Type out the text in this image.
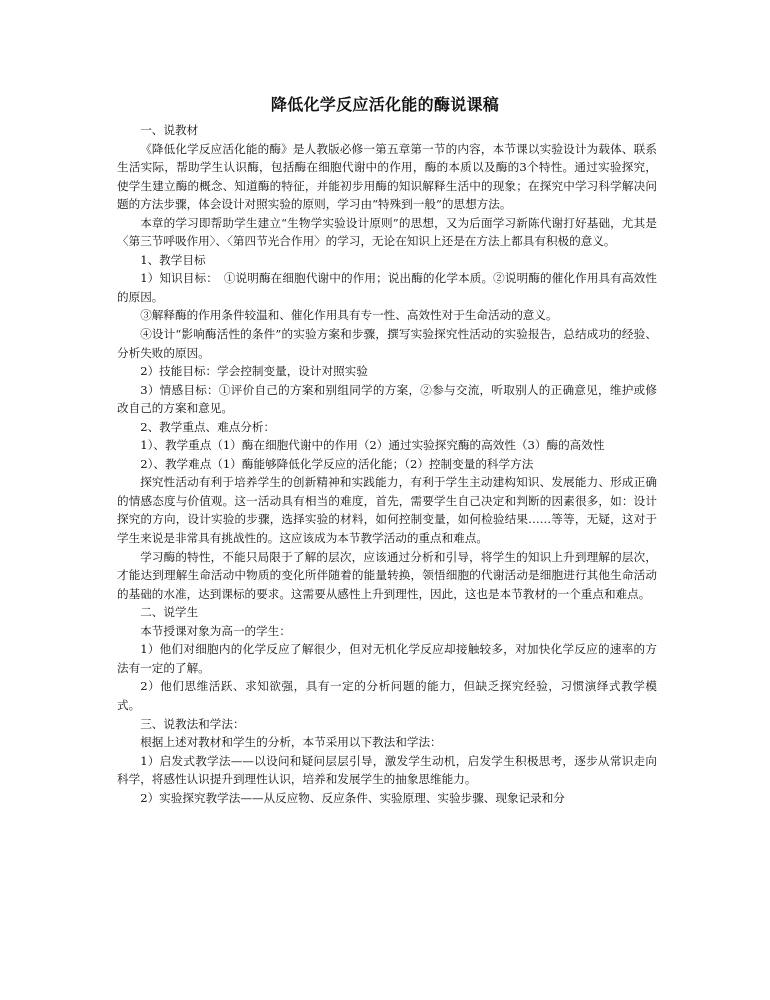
降低化学反应活化能的酶说课稿

一、说教材

《降低化学反应活化能的酶》是人教版必修一第五章第一节的内容，本节课以实验设计为载体、联系生活实际，帮助学生认识酶，包括酶在细胞代谢中的作用，酶的本质以及酶的3个特性。通过实验探究，使学生建立酶的概念、知道酶的特征，并能初步用酶的知识解释生活中的现象；在探究中学习科学解决问题的方法步骤，体会设计对照实验的原则，学习由“特殊到一般”的思想方法。

本章的学习即帮助学生建立“生物学实验设计原则”的思想，又为后面学习新陈代谢打好基础，尤其是〈第三节呼吸作用〉、〈第四节光合作用〉的学习，无论在知识上还是在方法上都具有积极的意义。

1、教学目标

1）知识目标：　①说明酶在细胞代谢中的作用；说出酶的化学本质。②说明酶的催化作用具有高效性的原因。

③解释酶的作用条件较温和、催化作用具有专一性、高效性对于生命活动的意义。

④设计“影响酶活性的条件”的实验方案和步骤，撰写实验探究性活动的实验报告，总结成功的经验、分析失败的原因。

2）技能目标：学会控制变量，设计对照实验

3）情感目标：①评价自己的方案和别组同学的方案，②参与交流，听取别人的正确意见，维护或修改自己的方案和意见。

2、教学重点、难点分析：

1）、教学重点（1）酶在细胞代谢中的作用（2）通过实验探究酶的高效性（3）酶的高效性

2）、教学难点（1）酶能够降低化学反应的活化能；（2）控制变量的科学方法

探究性活动有利于培养学生的创新精神和实践能力，有利于学生主动建构知识、发展能力、形成正确的情感态度与价值观。这一活动具有相当的难度，首先，需要学生自己决定和判断的因素很多，如：设计探究的方向，设计实验的步骤，选择实验的材料，如何控制变量，如何检验结果……等等，无疑，这对于学生来说是非常具有挑战性的。这应该成为本节教学活动的重点和难点。

学习酶的特性，不能只局限于了解的层次，应该通过分析和引导，将学生的知识上升到理解的层次，才能达到理解生命活动中物质的变化所伴随着的能量转换，领悟细胞的代谢活动是细胞进行其他生命活动的基础的水准，达到课标的要求。这需要从感性上升到理性，因此，这也是本节教材的一个重点和难点。

二、说学生

本节授课对象为高一的学生：

1）他们对细胞内的化学反应了解很少，但对无机化学反应却接触较多，对加快化学反应的速率的方法有一定的了解。

2）他们思维活跃、求知欲强，具有一定的分析问题的能力，但缺乏探究经验，习惯演绎式教学模式。

三、说教法和学法：

根据上述对教材和学生的分析，本节采用以下教法和学法：

1）启发式教学法——以设问和疑问层层引导，激发学生动机，启发学生积极思考，逐步从常识走向科学，将感性认识提升到理性认识，培养和发展学生的抽象思维能力。

2）实验探究教学法——从反应物、反应条件、实验原理、实验步骤、现象记录和分
